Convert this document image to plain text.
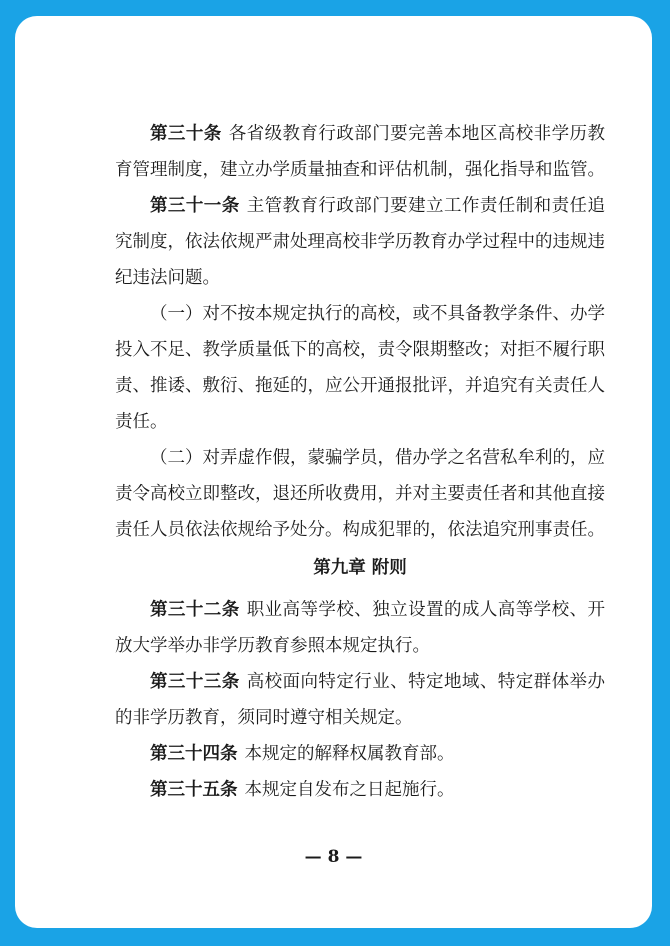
第三十条 各省级教育行政部门要完善本地区高校非学历教育管理制度，建立办学质量抽查和评估机制，强化指导和监管。

第三十一条 主管教育行政部门要建立工作责任制和责任追究制度，依法依规严肃处理高校非学历教育办学过程中的违规违纪违法问题。

（一）对不按本规定执行的高校，或不具备教学条件、办学投入不足、教学质量低下的高校，责令限期整改；对拒不履行职责、推诿、敷衍、拖延的，应公开通报批评，并追究有关责任人责任。

（二）对弄虚作假，蒙骗学员，借办学之名营私牟利的，应责令高校立即整改，退还所收费用，并对主要责任者和其他直接责任人员依法依规给予处分。构成犯罪的，依法追究刑事责任。

第九章 附则

第三十二条 职业高等学校、独立设置的成人高等学校、开放大学举办非学历教育参照本规定执行。

第三十三条 高校面向特定行业、特定地域、特定群体举办的非学历教育，须同时遵守相关规定。

第三十四条 本规定的解释权属教育部。

第三十五条 本规定自发布之日起施行。

— 8 —
